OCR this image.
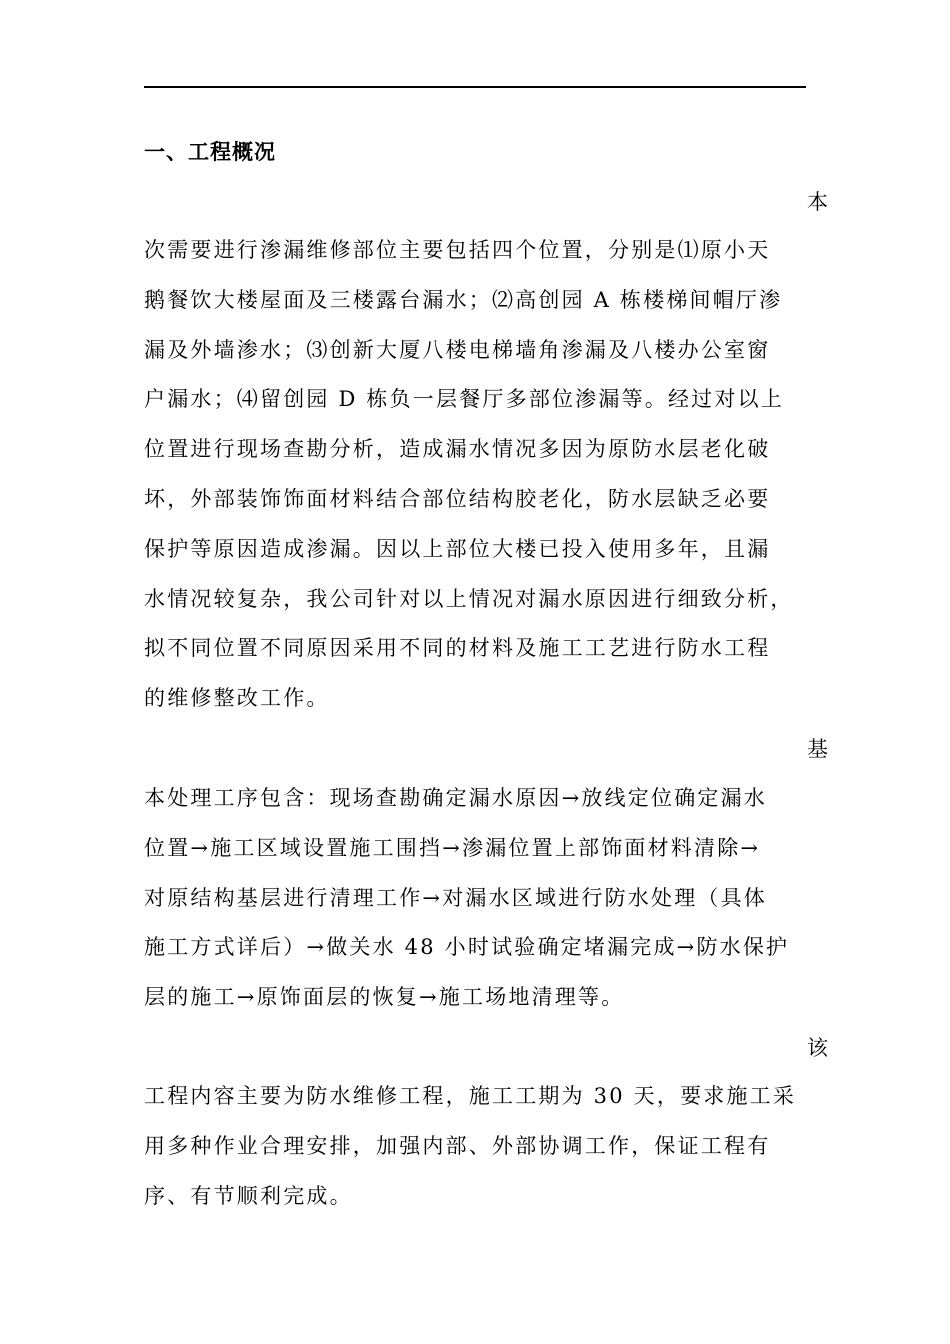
一、工程概况
本
次需要进行渗漏维修部位主要包括四个位置，分别是⑴原小天
鹅餐饮大楼屋面及三楼露台漏水；⑵高创园 A 栋楼梯间帽厅渗
漏及外墙渗水；⑶创新大厦八楼电梯墙角渗漏及八楼办公室窗
户漏水；⑷留创园 D 栋负一层餐厅多部位渗漏等。经过对以上
位置进行现场查勘分析，造成漏水情况多因为原防水层老化破
坏，外部装饰饰面材料结合部位结构胶老化，防水层缺乏必要
保护等原因造成渗漏。因以上部位大楼已投入使用多年，且漏
水情况较复杂，我公司针对以上情况对漏水原因进行细致分析，
拟不同位置不同原因采用不同的材料及施工工艺进行防水工程
的维修整改工作。
基
本处理工序包含：现场查勘确定漏水原因→放线定位确定漏水
位置→施工区域设置施工围挡→渗漏位置上部饰面材料清除→
对原结构基层进行清理工作→对漏水区域进行防水处理（具体
施工方式详后）→做关水 48 小时试验确定堵漏完成→防水保护
层的施工→原饰面层的恢复→施工场地清理等。
该
工程内容主要为防水维修工程，施工工期为 30 天，要求施工采
用多种作业合理安排，加强内部、外部协调工作，保证工程有
序、有节顺利完成。
